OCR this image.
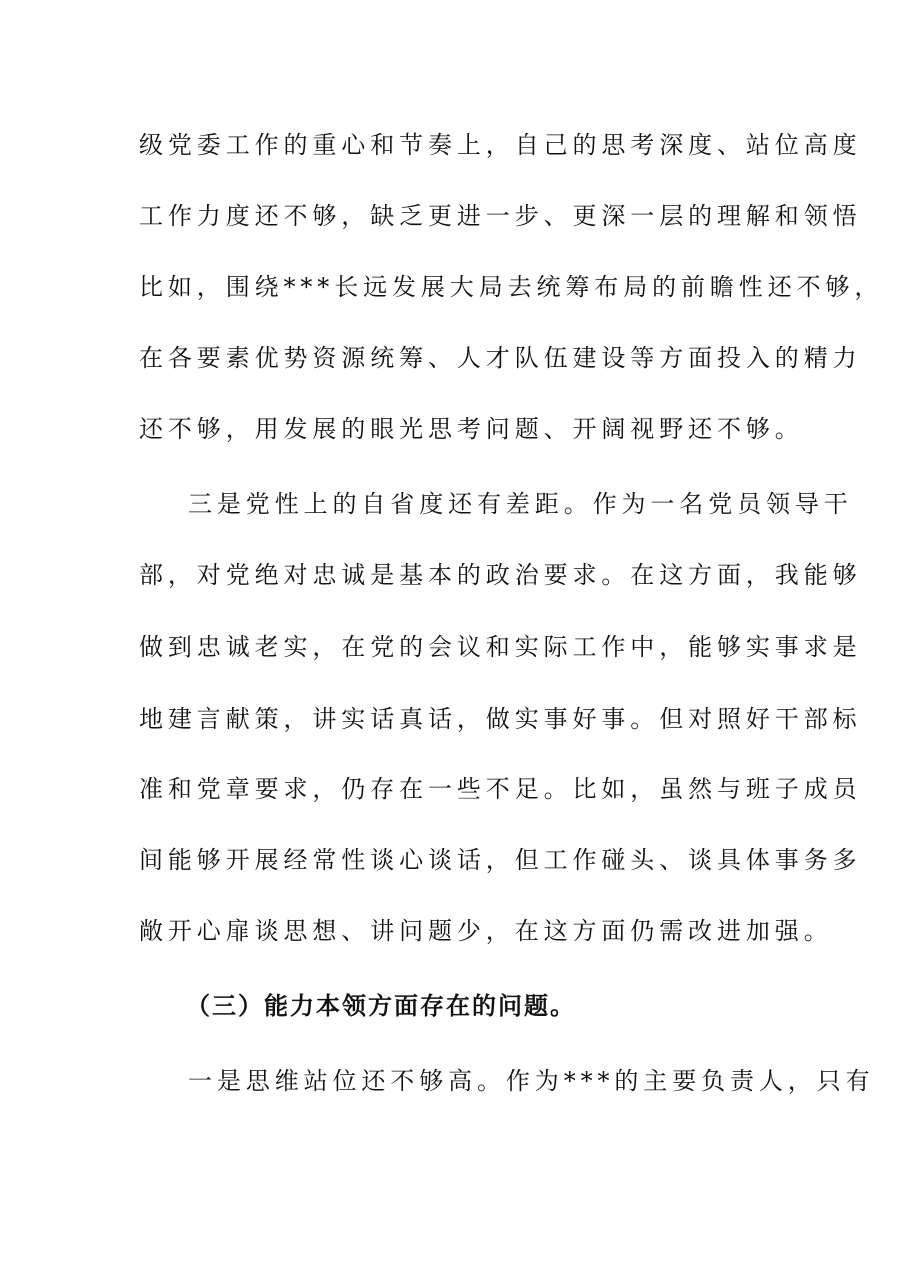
级党委工作的重心和节奏上，自己的思考深度、站位高度
工作力度还不够，缺乏更进一步、更深一层的理解和领悟
比如，围绕***长远发展大局去统筹布局的前瞻性还不够，
在各要素优势资源统筹、人才队伍建设等方面投入的精力
还不够，用发展的眼光思考问题、开阔视野还不够。
三是党性上的自省度还有差距。作为一名党员领导干
部，对党绝对忠诚是基本的政治要求。在这方面，我能够
做到忠诚老实，在党的会议和实际工作中，能够实事求是
地建言献策，讲实话真话，做实事好事。但对照好干部标
准和党章要求，仍存在一些不足。比如，虽然与班子成员
间能够开展经常性谈心谈话，但工作碰头、谈具体事务多
敞开心扉谈思想、讲问题少，在这方面仍需改进加强。
（三）能力本领方面存在的问题。
一是思维站位还不够高。作为***的主要负责人，只有
